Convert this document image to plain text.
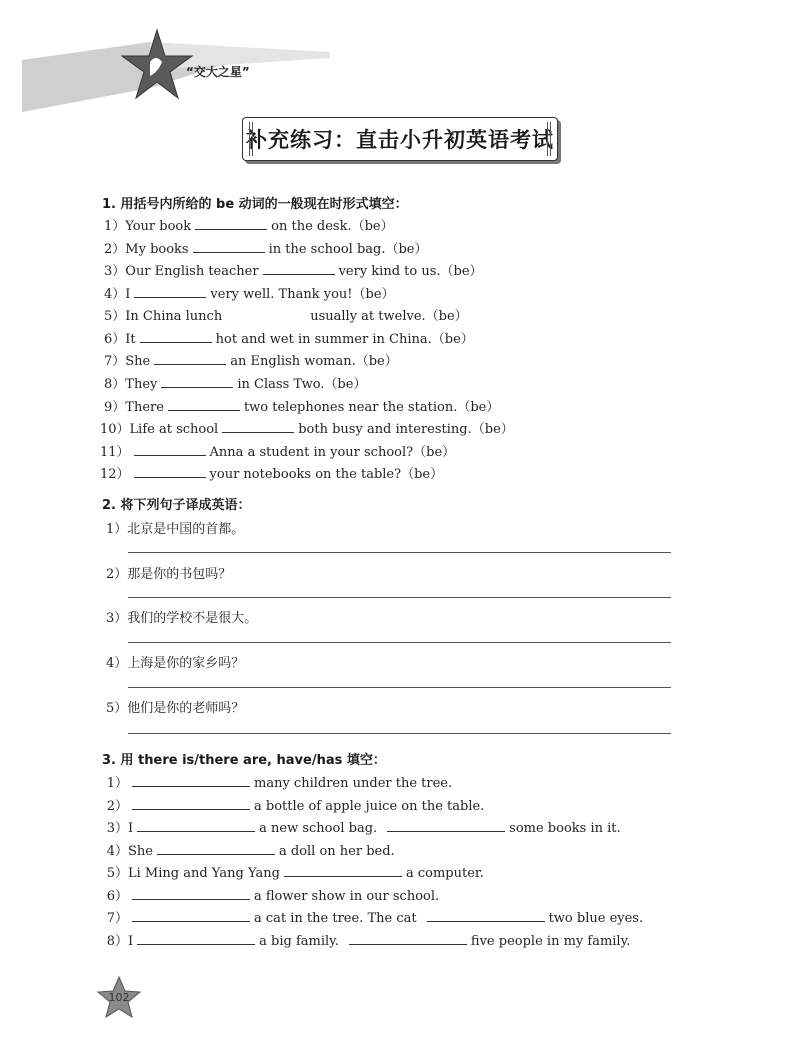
“交大之星”
补充练习：直击小升初英语考试
1. 用括号内所给的 be 动词的一般现在时形式填空：
1）Your book	on the desk.（be）
2）My books	in the school bag.（be）
3）Our English teacher	very kind to us.（be）
4）I	very well. Thank you!（be）
5）In China lunch	usually at twelve.（be）
6）It	hot and wet in summer in China.（be）
7）She	an English woman.（be）
8）They	in Class Two.（be）
9）There	two telephones near the station.（be）
10）Life at school	both busy and interesting.（be）
11）	Anna a student in your school?（be）
12）	your notebooks on the table?（be）
2. 将下列句子译成英语：
1）北京是中国的首都。
2）那是你的书包吗？
3）我们的学校不是很大。
4）上海是你的家乡吗？
5）他们是你的老师吗？
3. 用 there is/there are, have/has 填空：
1）	many children under the tree.
2）	a bottle of apple juice on the table.
3）I	a new school bag.	some books in it.
4）She	a doll on her bed.
5）Li Ming and Yang Yang	a computer.
6）	a flower show in our school.
7）	a cat in the tree. The cat	two blue eyes.
8）I	a big family.	five people in my family.
102
